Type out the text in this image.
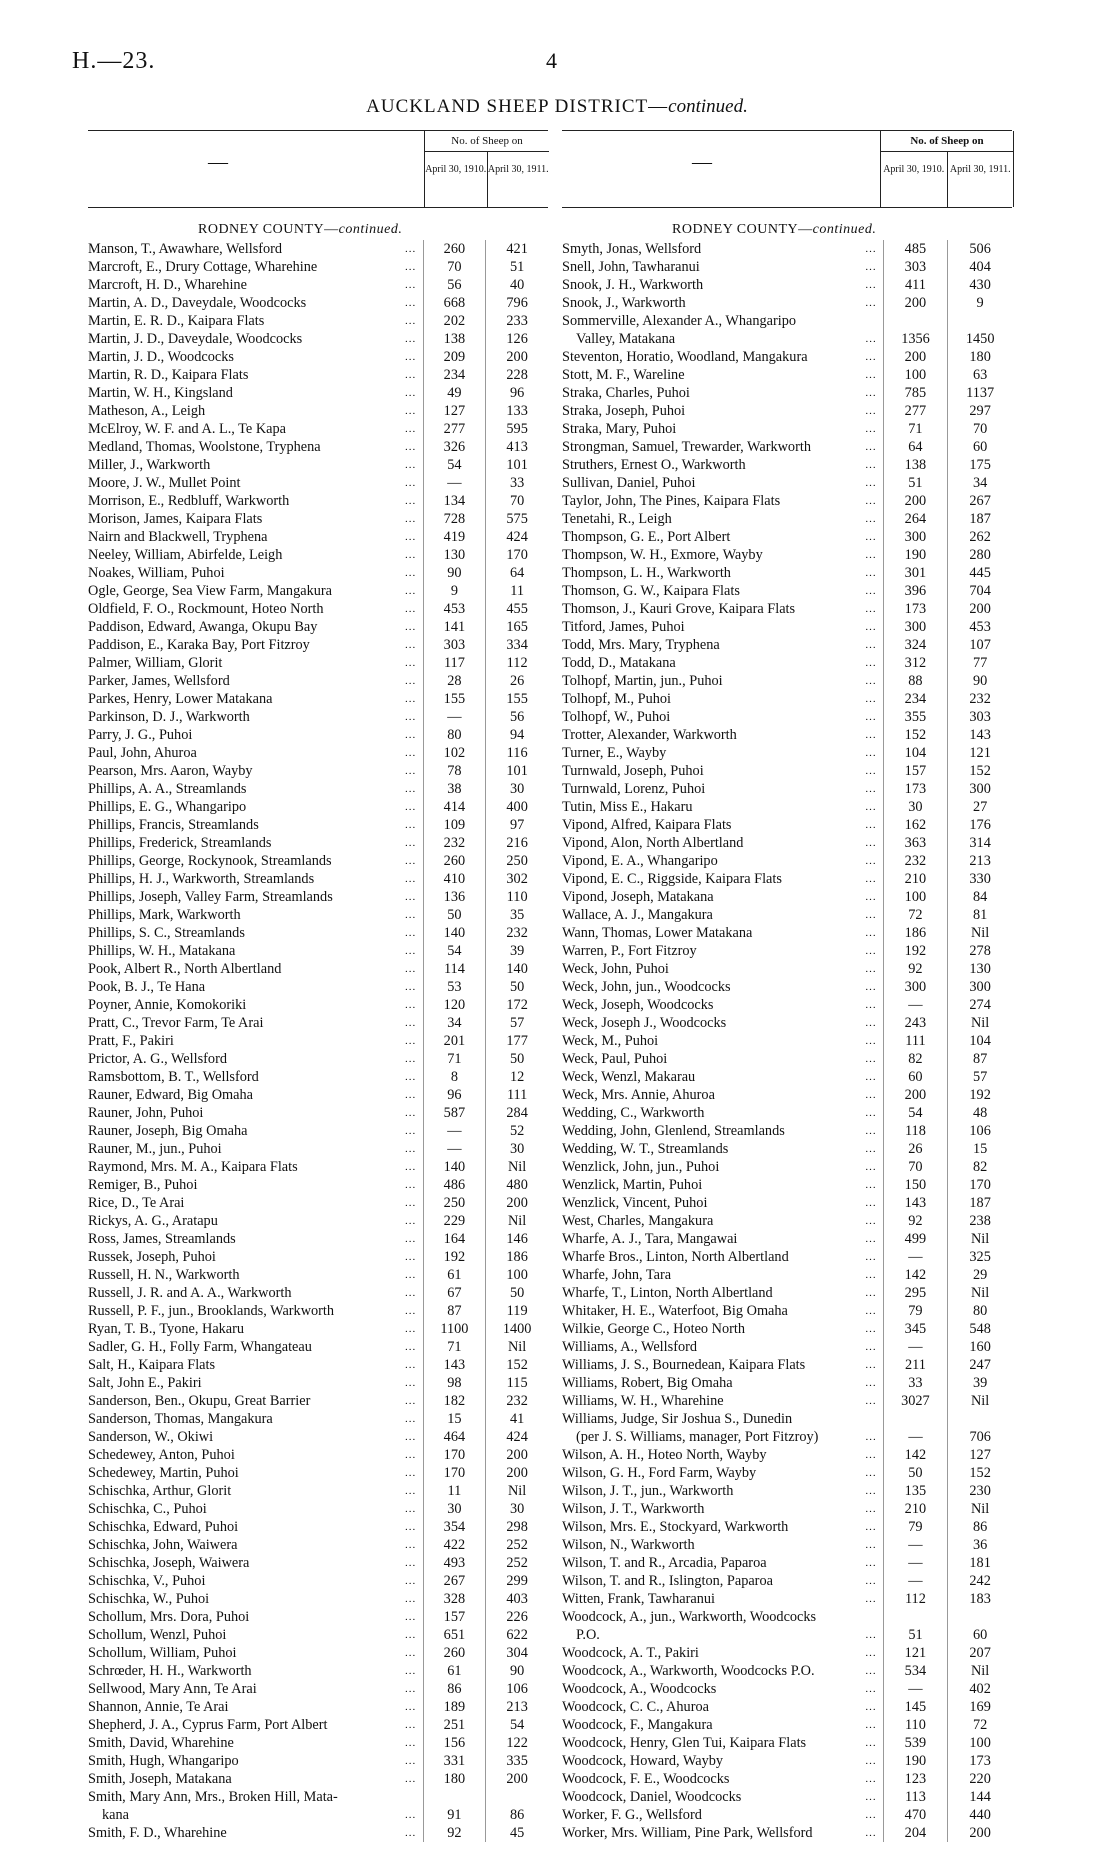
H.—23.	4
AUCKLAND SHEEP DISTRICT—continued.
—
No. of Sheep on
April 30, 1910. April 30, 1911.
RODNEY COUNTY—continued.
Manson, T., Awawhare, Wellsford	...	260	421
Marcroft, E., Drury Cottage, Wharehine	...	70	51
Marcroft, H. D., Wharehine	...	56	40
Martin, A. D., Daveydale, Woodcocks	...	668	796
Martin, E. R. D., Kaipara Flats	...	202	233
Martin, J. D., Daveydale, Woodcocks	...	138	126
Martin, J. D., Woodcocks	...	209	200
Martin, R. D., Kaipara Flats	...	234	228
Martin, W. H., Kingsland	...	49	96
Matheson, A., Leigh	...	127	133
McElroy, W. F. and A. L., Te Kapa	...	277	595
Medland, Thomas, Woolstone, Tryphena	...	326	413
Miller, J., Warkworth	...	54	101
Moore, J. W., Mullet Point	...	—	33
Morrison, E., Redbluff, Warkworth	...	134	70
Morison, James, Kaipara Flats	...	728	575
Nairn and Blackwell, Tryphena	...	419	424
Neeley, William, Abirfelde, Leigh	...	130	170
Noakes, William, Puhoi	...	90	64
Ogle, George, Sea View Farm, Mangakura	...	9	11
Oldfield, F. O., Rockmount, Hoteo North	...	453	455
Paddison, Edward, Awanga, Okupu Bay	...	141	165
Paddison, E., Karaka Bay, Port Fitzroy	...	303	334
Palmer, William, Glorit	...	117	112
Parker, James, Wellsford	...	28	26
Parkes, Henry, Lower Matakana	...	155	155
Parkinson, D. J., Warkworth	...	—	56
Parry, J. G., Puhoi	...	80	94
Paul, John, Ahuroa	...	102	116
Pearson, Mrs. Aaron, Wayby	...	78	101
Phillips, A. A., Streamlands	...	38	30
Phillips, E. G., Whangaripo	...	414	400
Phillips, Francis, Streamlands	...	109	97
Phillips, Frederick, Streamlands	...	232	216
Phillips, George, Rockynook, Streamlands	...	260	250
Phillips, H. J., Warkworth, Streamlands	...	410	302
Phillips, Joseph, Valley Farm, Streamlands	...	136	110
Phillips, Mark, Warkworth	...	50	35
Phillips, S. C., Streamlands	...	140	232
Phillips, W. H., Matakana	...	54	39
Pook, Albert R., North Albertland	...	114	140
Pook, B. J., Te Hana	...	53	50
Poyner, Annie, Komokoriki	...	120	172
Pratt, C., Trevor Farm, Te Arai	...	34	57
Pratt, F., Pakiri	...	201	177
Prictor, A. G., Wellsford	...	71	50
Ramsbottom, B. T., Wellsford	...	8	12
Rauner, Edward, Big Omaha	...	96	111
Rauner, John, Puhoi	...	587	284
Rauner, Joseph, Big Omaha	...	—	52
Rauner, M., jun., Puhoi	...	—	30
Raymond, Mrs. M. A., Kaipara Flats	...	140	Nil
Remiger, B., Puhoi	...	486	480
Rice, D., Te Arai	...	250	200
Rickys, A. G., Aratapu	...	229	Nil
Ross, James, Streamlands	...	164	146
Russek, Joseph, Puhoi	...	192	186
Russell, H. N., Warkworth	...	61	100
Russell, J. R. and A. A., Warkworth	...	67	50
Russell, P. F., jun., Brooklands, Warkworth	...	87	119
Ryan, T. B., Tyone, Hakaru	...	1100	1400
Sadler, G. H., Folly Farm, Whangateau	...	71	Nil
Salt, H., Kaipara Flats	...	143	152
Salt, John E., Pakiri	...	98	115
Sanderson, Ben., Okupu, Great Barrier	...	182	232
Sanderson, Thomas, Mangakura	...	15	41
Sanderson, W., Okiwi	...	464	424
Schedewey, Anton, Puhoi	...	170	200
Schedewey, Martin, Puhoi	...	170	200
Schischka, Arthur, Glorit	...	11	Nil
Schischka, C., Puhoi	...	30	30
Schischka, Edward, Puhoi	...	354	298
Schischka, John, Waiwera	...	422	252
Schischka, Joseph, Waiwera	...	493	252
Schischka, V., Puhoi	...	267	299
Schischka, W., Puhoi	...	328	403
Schollum, Mrs. Dora, Puhoi	...	157	226
Schollum, Wenzl, Puhoi	...	651	622
Schollum, William, Puhoi	...	260	304
Schrœder, H. H., Warkworth	...	61	90
Sellwood, Mary Ann, Te Arai	...	86	106
Shannon, Annie, Te Arai	...	189	213
Shepherd, J. A., Cyprus Farm, Port Albert	...	251	54
Smith, David, Wharehine	...	156	122
Smith, Hugh, Whangaripo	...	331	335
Smith, Joseph, Matakana	...	180	200
Smith, Mary Ann, Mrs., Broken Hill, Mata-
kana	...	91	86
Smith, F. D., Wharehine	...	92	45
—
No. of Sheep on
April 30, 1910. April 30, 1911.
RODNEY COUNTY—continued.
Smyth, Jonas, Wellsford	...	485	506
Snell, John, Tawharanui	...	303	404
Snook, J. H., Warkworth	...	411	430
Snook, J., Warkworth	...	200	9
Sommerville, Alexander A., Whangaripo
Valley, Matakana	...	1356	1450
Steventon, Horatio, Woodland, Mangakura	...	200	180
Stott, M. F., Wareline	...	100	63
Straka, Charles, Puhoi	...	785	1137
Straka, Joseph, Puhoi	...	277	297
Straka, Mary, Puhoi	...	71	70
Strongman, Samuel, Trewarder, Warkworth	...	64	60
Struthers, Ernest O., Warkworth	...	138	175
Sullivan, Daniel, Puhoi	...	51	34
Taylor, John, The Pines, Kaipara Flats	...	200	267
Tenetahi, R., Leigh	...	264	187
Thompson, G. E., Port Albert	...	300	262
Thompson, W. H., Exmore, Wayby	...	190	280
Thompson, L. H., Warkworth	...	301	445
Thomson, G. W., Kaipara Flats	...	396	704
Thomson, J., Kauri Grove, Kaipara Flats	...	173	200
Titford, James, Puhoi	...	300	453
Todd, Mrs. Mary, Tryphena	...	324	107
Todd, D., Matakana	...	312	77
Tolhopf, Martin, jun., Puhoi	...	88	90
Tolhopf, M., Puhoi	...	234	232
Tolhopf, W., Puhoi	...	355	303
Trotter, Alexander, Warkworth	...	152	143
Turner, E., Wayby	...	104	121
Turnwald, Joseph, Puhoi	...	157	152
Turnwald, Lorenz, Puhoi	...	173	300
Tutin, Miss E., Hakaru	...	30	27
Vipond, Alfred, Kaipara Flats	...	162	176
Vipond, Alon, North Albertland	...	363	314
Vipond, E. A., Whangaripo	...	232	213
Vipond, E. C., Riggside, Kaipara Flats	...	210	330
Vipond, Joseph, Matakana	...	100	84
Wallace, A. J., Mangakura	...	72	81
Wann, Thomas, Lower Matakana	...	186	Nil
Warren, P., Fort Fitzroy	...	192	278
Weck, John, Puhoi	...	92	130
Weck, John, jun., Woodcocks	...	300	300
Weck, Joseph, Woodcocks	...	—	274
Weck, Joseph J., Woodcocks	...	243	Nil
Weck, M., Puhoi	...	111	104
Weck, Paul, Puhoi	...	82	87
Weck, Wenzl, Makarau	...	60	57
Weck, Mrs. Annie, Ahuroa	...	200	192
Wedding, C., Warkworth	...	54	48
Wedding, John, Glenlend, Streamlands	...	118	106
Wedding, W. T., Streamlands	...	26	15
Wenzlick, John, jun., Puhoi	...	70	82
Wenzlick, Martin, Puhoi	...	150	170
Wenzlick, Vincent, Puhoi	...	143	187
West, Charles, Mangakura	...	92	238
Wharfe, A. J., Tara, Mangawai	...	499	Nil
Wharfe Bros., Linton, North Albertland	...	—	325
Wharfe, John, Tara	...	142	29
Wharfe, T., Linton, North Albertland	...	295	Nil
Whitaker, H. E., Waterfoot, Big Omaha	...	79	80
Wilkie, George C., Hoteo North	...	345	548
Williams, A., Wellsford	...	—	160
Williams, J. S., Bournedean, Kaipara Flats	...	211	247
Williams, Robert, Big Omaha	...	33	39
Williams, W. H., Wharehine	...	3027	Nil
Williams, Judge, Sir Joshua S., Dunedin
(per J. S. Williams, manager, Port Fitzroy)	...	—	706
Wilson, A. H., Hoteo North, Wayby	...	142	127
Wilson, G. H., Ford Farm, Wayby	...	50	152
Wilson, J. T., jun., Warkworth	...	135	230
Wilson, J. T., Warkworth	...	210	Nil
Wilson, Mrs. E., Stockyard, Warkworth	...	79	86
Wilson, N., Warkworth	...	—	36
Wilson, T. and R., Arcadia, Paparoa	...	—	181
Wilson, T. and R., Islington, Paparoa	...	—	242
Witten, Frank, Tawharanui	...	112	183
Woodcock, A., jun., Warkworth, Woodcocks
P.O.	...	51	60
Woodcock, A. T., Pakiri	...	121	207
Woodcock, A., Warkworth, Woodcocks P.O.	...	534	Nil
Woodcock, A., Woodcocks	...	—	402
Woodcock, C. C., Ahuroa	...	145	169
Woodcock, F., Mangakura	...	110	72
Woodcock, Henry, Glen Tui, Kaipara Flats	...	539	100
Woodcock, Howard, Wayby	...	190	173
Woodcock, F. E., Woodcocks	...	123	220
Woodcock, Daniel, Woodcocks	...	113	144
Worker, F. G., Wellsford	...	470	440
Worker, Mrs. William, Pine Park, Wellsford	...	204	200
